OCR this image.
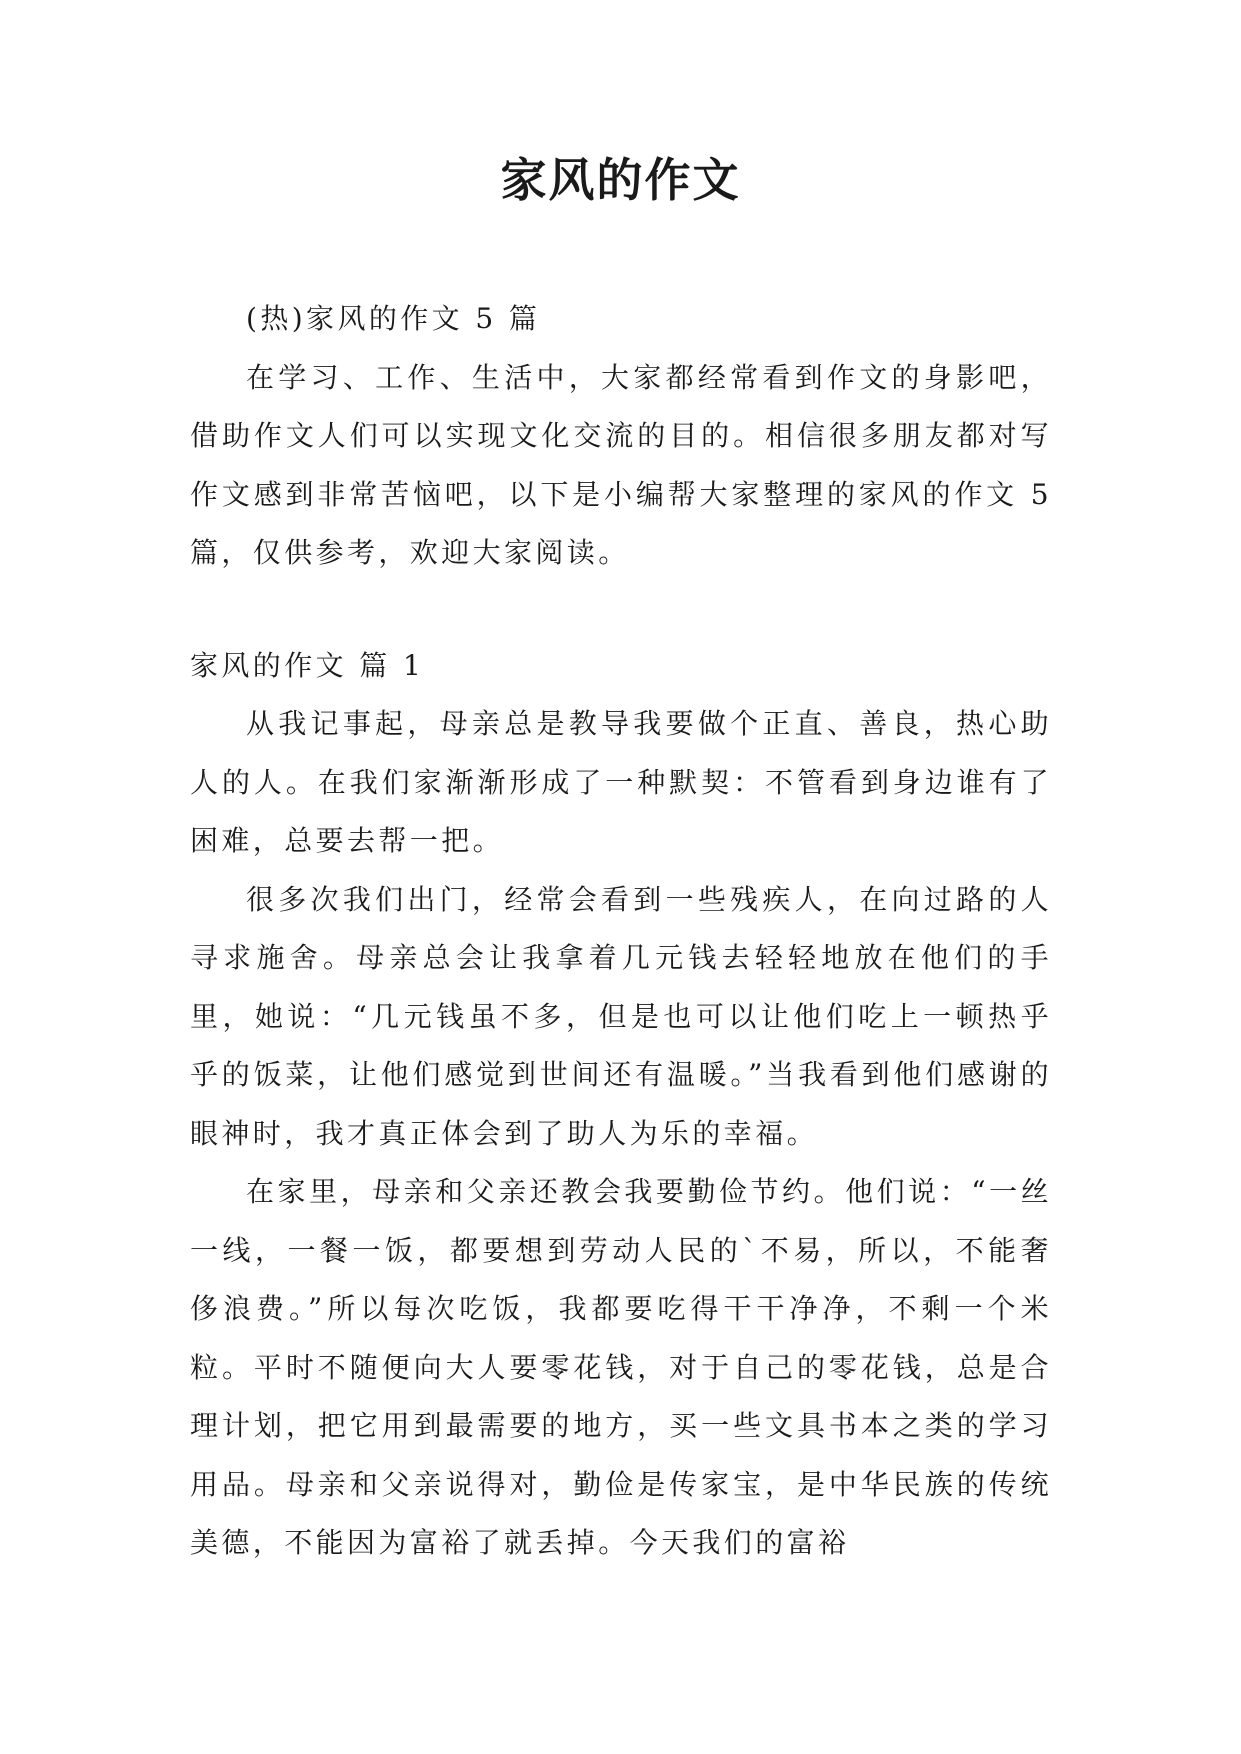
家风的作文

(热)家风的作文 5 篇

在学习、工作、生活中，大家都经常看到作文的身影吧，借助作文人们可以实现文化交流的目的。相信很多朋友都对写作文感到非常苦恼吧，以下是小编帮大家整理的家风的作文 5 篇，仅供参考，欢迎大家阅读。

家风的作文 篇 1

从我记事起，母亲总是教导我要做个正直、善良，热心助人的人。在我们家渐渐形成了一种默契：不管看到身边谁有了困难，总要去帮一把。

很多次我们出门，经常会看到一些残疾人，在向过路的人寻求施舍。母亲总会让我拿着几元钱去轻轻地放在他们的手里，她说：“几元钱虽不多，但是也可以让他们吃上一顿热乎乎的饭菜，让他们感觉到世间还有温暖。”当我看到他们感谢的眼神时，我才真正体会到了助人为乐的幸福。

在家里，母亲和父亲还教会我要勤俭节约。他们说：“一丝一线，一餐一饭，都要想到劳动人民的`不易，所以，不能奢侈浪费。”所以每次吃饭，我都要吃得干干净净，不剩一个米粒。平时不随便向大人要零花钱，对于自己的零花钱，总是合理计划，把它用到最需要的地方，买一些文具书本之类的学习用品。母亲和父亲说得对，勤俭是传家宝，是中华民族的传统美德，不能因为富裕了就丢掉。今天我们的富裕
